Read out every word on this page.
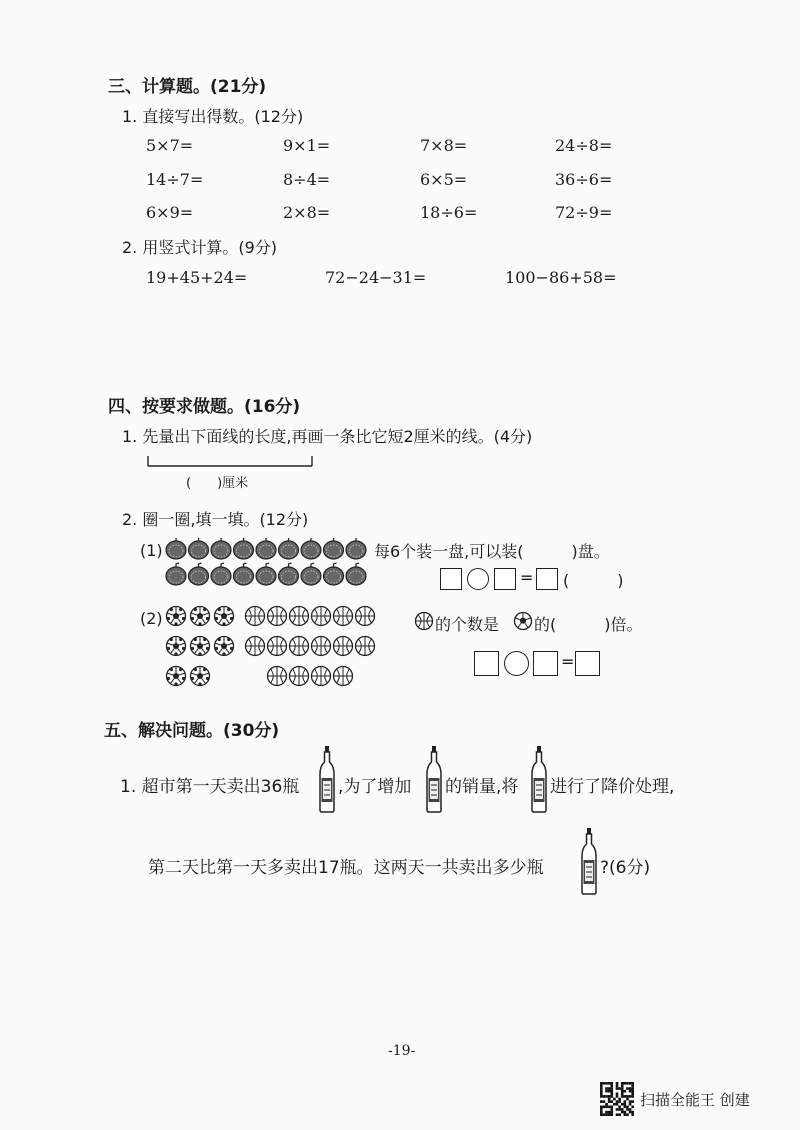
三、计算题。(21分)
1. 直接写出得数。(12分)
5×7=	9×1=	7×8=	24÷8=
14÷7=	8÷4=	6×5=	36÷6=
6×9=	2×8=	18÷6=	72÷9=
2. 用竖式计算。(9分)
19+45+24=	72−24−31=	100−86+58=
四、按要求做题。(16分)
1. 先量出下面线的长度,再画一条比它短2厘米的线。(4分)
(　　)厘米
2. 圈一圈,填一填。(12分)
(1)	每6个装一盘,可以装(　　　)盘。
= (　　　)
(2)	的个数是 的(　　　)倍。
=
五、解决问题。(30分)
1. 超市第一天卖出36瓶 ,为了增加 的销量,将 进行了降价处理,
第二天比第一天多卖出17瓶。这两天一共卖出多少瓶	?(6分)
-19-
扫描全能王 创建
